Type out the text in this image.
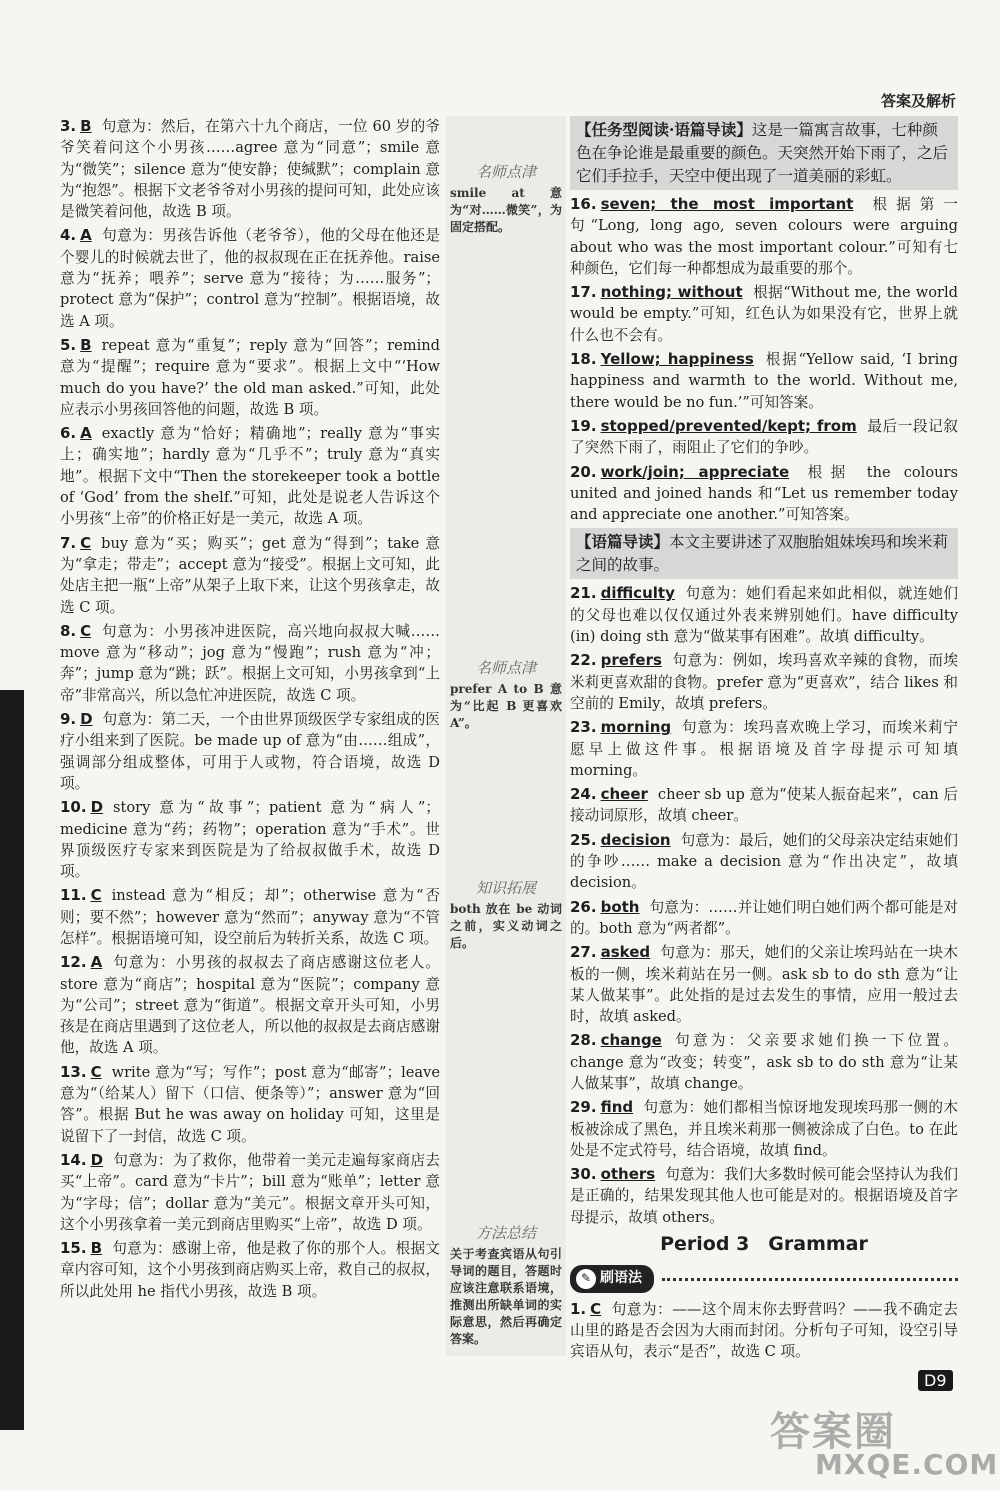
答案及解析
3. B 句意为：然后，在第六十九个商店，一位 60 岁的爷爷笑着问这个小男孩……agree 意为“同意”；smile 意为“微笑”；silence 意为“使安静；使缄默”；complain 意为“抱怨”。根据下文老爷爷对小男孩的提问可知，此处应该是微笑着问他，故选 B 项。
4. A 句意为：男孩告诉他（老爷爷），他的父母在他还是个婴儿的时候就去世了，他的叔叔现在正在抚养他。raise 意为“抚养；喂养”；serve 意为“接待；为……服务”；protect 意为“保护”；control 意为“控制”。根据语境，故选 A 项。
5. B repeat 意为“重复”；reply 意为“回答”；remind 意为“提醒”；require 意为“要求”。根据上文中“‘How much do you have?’ the old man asked.”可知，此处应表示小男孩回答他的问题，故选 B 项。
6. A exactly 意为“恰好；精确地”；really 意为“事实上；确实地”；hardly 意为“几乎不”；truly 意为“真实地”。根据下文中“Then the storekeeper took a bottle of ‘God’ from the shelf.”可知，此处是说老人告诉这个小男孩“上帝”的价格正好是一美元，故选 A 项。
7. C buy 意为“买；购买”；get 意为“得到”；take 意为“拿走；带走”；accept 意为“接受”。根据上文可知，此处店主把一瓶“上帝”从架子上取下来，让这个男孩拿走，故选 C 项。
8. C 句意为：小男孩冲进医院，高兴地向叔叔大喊……move 意为“移动”；jog 意为“慢跑”；rush 意为“冲；奔”；jump 意为“跳；跃”。根据上文可知，小男孩拿到“上帝”非常高兴，所以急忙冲进医院，故选 C 项。
9. D 句意为：第二天，一个由世界顶级医学专家组成的医疗小组来到了医院。be made up of 意为“由……组成”，强调部分组成整体，可用于人或物，符合语境，故选 D 项。
10. D story 意为“故事”；patient 意为“病人”；medicine 意为“药；药物”；operation 意为“手术”。世界顶级医疗专家来到医院是为了给叔叔做手术，故选 D 项。
11. C instead 意为“相反；却”；otherwise 意为“否则；要不然”；however 意为“然而”；anyway 意为“不管怎样”。根据语境可知，设空前后为转折关系，故选 C 项。
12. A 句意为：小男孩的叔叔去了商店感谢这位老人。store 意为“商店”；hospital 意为“医院”；company 意为“公司”；street 意为“街道”。根据文章开头可知，小男孩是在商店里遇到了这位老人，所以他的叔叔是去商店感谢他，故选 A 项。
13. C write 意为“写；写作”；post 意为“邮寄”；leave 意为“（给某人）留下（口信、便条等）”；answer 意为“回答”。根据 But he was away on holiday 可知，这里是说留下了一封信，故选 C 项。
14. D 句意为：为了救你，他带着一美元走遍每家商店去买“上帝”。card 意为“卡片”；bill 意为“账单”；letter 意为“字母；信”；dollar 意为“美元”。根据文章开头可知，这个小男孩拿着一美元到商店里购买“上帝”，故选 D 项。
15. B 句意为：感谢上帝，他是救了你的那个人。根据文章内容可知，这个小男孩到商店购买上帝，救自己的叔叔，所以此处用 he 指代小男孩，故选 B 项。
名师点津
smile at 意为“对……微笑”，为固定搭配。
名师点津
prefer A to B 意为“比起 B 更喜欢 A”。
知识拓展
both 放在 be 动词之前，实义动词之后。
方法总结
关于考查宾语从句引导词的题目，答题时应该注意联系语境，推测出所缺单词的实际意思，然后再确定答案。
【任务型阅读·语篇导读】这是一篇寓言故事，七种颜色在争论谁是最重要的颜色。天突然开始下雨了，之后它们手拉手，天空中便出现了一道美丽的彩虹。
16. seven; the most important 根据第一句“Long, long ago, seven colours were arguing about who was the most important colour.”可知有七种颜色，它们每一种都想成为最重要的那个。
17. nothing; without 根据“Without me, the world would be empty.”可知，红色认为如果没有它，世界上就什么也不会有。
18. Yellow; happiness 根据“Yellow said, ‘I bring happiness and warmth to the world. Without me, there would be no fun.’”可知答案。
19. stopped/prevented/kept; from 最后一段记叙了突然下雨了，雨阻止了它们的争吵。
20. work/join; appreciate 根据 the colours united and joined hands 和“Let us remember today and appreciate one another.”可知答案。
【语篇导读】本文主要讲述了双胞胎姐妹埃玛和埃米莉之间的故事。
21. difficulty 句意为：她们看起来如此相似，就连她们的父母也难以仅仅通过外表来辨别她们。have difficulty (in) doing sth 意为“做某事有困难”。故填 difficulty。
22. prefers 句意为：例如，埃玛喜欢辛辣的食物，而埃米莉更喜欢甜的食物。prefer 意为“更喜欢”，结合 likes 和空前的 Emily，故填 prefers。
23. morning 句意为：埃玛喜欢晚上学习，而埃米莉宁愿早上做这件事。根据语境及首字母提示可知填 morning。
24. cheer cheer sb up 意为“使某人振奋起来”，can 后接动词原形，故填 cheer。
25. decision 句意为：最后，她们的父母亲决定结束她们的争吵…… make a decision 意为“作出决定”，故填 decision。
26. both 句意为：……并让她们明白她们两个都可能是对的。both 意为“两者都”。
27. asked 句意为：那天，她们的父亲让埃玛站在一块木板的一侧，埃米莉站在另一侧。ask sb to do sth 意为“让某人做某事”。此处指的是过去发生的事情，应用一般过去时，故填 asked。
28. change 句意为：父亲要求她们换一下位置。change 意为“改变；转变”，ask sb to do sth 意为“让某人做某事”，故填 change。
29. find 句意为：她们都相当惊讶地发现埃玛那一侧的木板被涂成了黑色，并且埃米莉那一侧被涂成了白色。to 在此处是不定式符号，结合语境，故填 find。
30. others 句意为：我们大多数时候可能会坚持认为我们是正确的，结果发现其他人也可能是对的。根据语境及首字母提示，故填 others。
Period 3　Grammar
✎ 刷语法
1. C 句意为：——这个周末你去野营吗？——我不确定去山里的路是否会因为大雨而封闭。分析句子可知，设空引导宾语从句，表示“是否”，故选 C 项。
D9
答案圈
MXQE.COM
